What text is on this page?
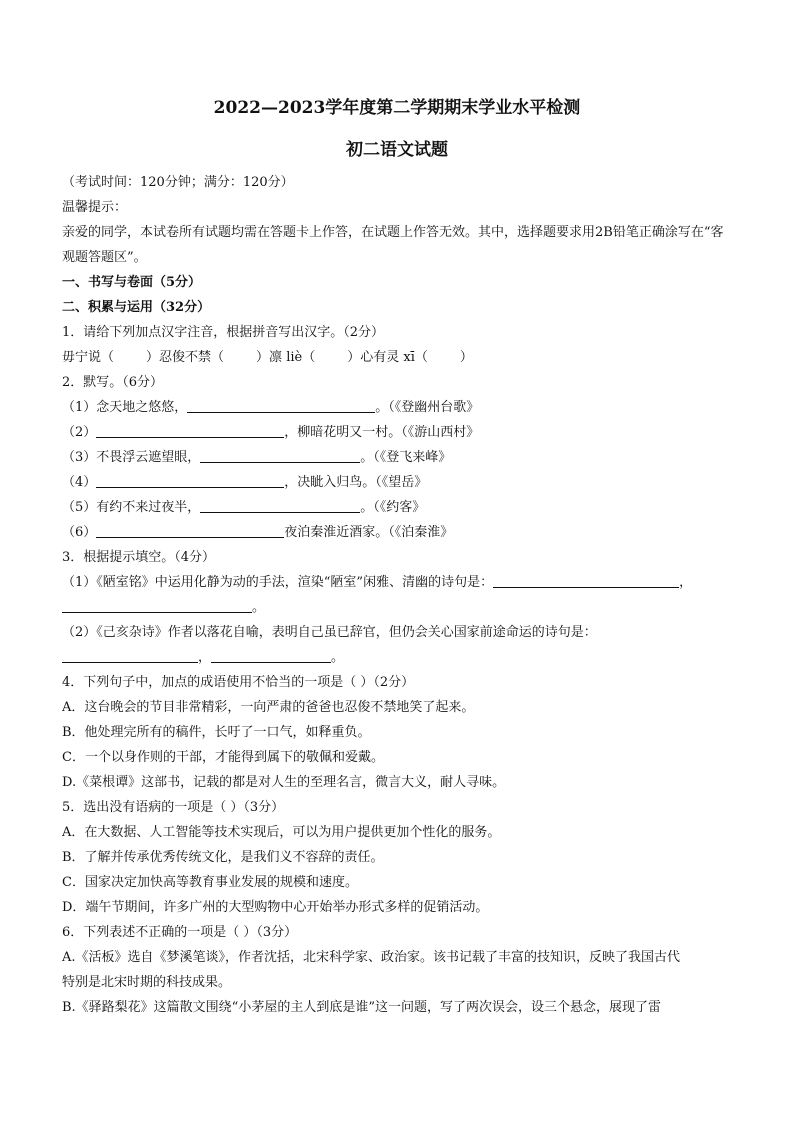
2022—2023学年度第二学期期末学业水平检测
初二语文试题
（考试时间：120分钟；满分：120分）
温馨提示：
亲爱的同学，本试卷所有试题均需在答题卡上作答，在试题上作答无效。其中，选择题要求用2B铅笔正确涂写在“客观题答题区”。
一、书写与卷面（5分）
二、积累与运用（32分）
1．请给下列加点汉字注音，根据拼音写出汉字。（2分）
毋宁说（ ）忍俊不禁（ ）凛 liè（ ）心有灵 xī（ ）
2．默写。（6分）
（1）念天地之悠悠，	。（《登幽州台歌》
（2）	，柳暗花明又一村。（《游山西村》
（3）不畏浮云遮望眼，	。（《登飞来峰》
（4）	，决眦入归鸟。（《望岳》
（5）有约不来过夜半，	。（《约客》
（6）	夜泊秦淮近酒家。（《泊秦淮》
3．根据提示填空。（4分）
（1）《陋室铭》中运用化静为动的手法，渲染“陋室”闲雅、清幽的诗句是：	，
。
（2）《己亥杂诗》作者以落花自喻，表明自己虽已辞官，但仍会关心国家前途命运的诗句是：
，	。
4．下列句子中，加点的成语使用不恰当的一项是（ ）（2分）
A．这台晚会的节目非常精彩，一向严肃的爸爸也忍俊不禁地笑了起来。
B．他处理完所有的稿件，长吁了一口气，如释重负。
C．一个以身作则的干部，才能得到属下的敬佩和爱戴。
D.《菜根谭》这部书，记载的都是对人生的至理名言，微言大义，耐人寻味。
5．选出没有语病的一项是（ ）（3分）
A．在大数据、人工智能等技术实现后，可以为用户提供更加个性化的服务。
B．了解并传承优秀传统文化，是我们义不容辞的责任。
C．国家决定加快高等教育事业发展的规模和速度。
D．端午节期间，许多广州的大型购物中心开始举办形式多样的促销活动。
6．下列表述不正确的一项是（ ）（3分）
A.《活板》选自《梦溪笔谈》，作者沈括，北宋科学家、政治家。该书记载了丰富的技知识，反映了我国古代
特别是北宋时期的科技成果。
B.《驿路梨花》这篇散文围绕“小茅屋的主人到底是谁”这一问题，写了两次误会，设三个悬念，展现了雷
